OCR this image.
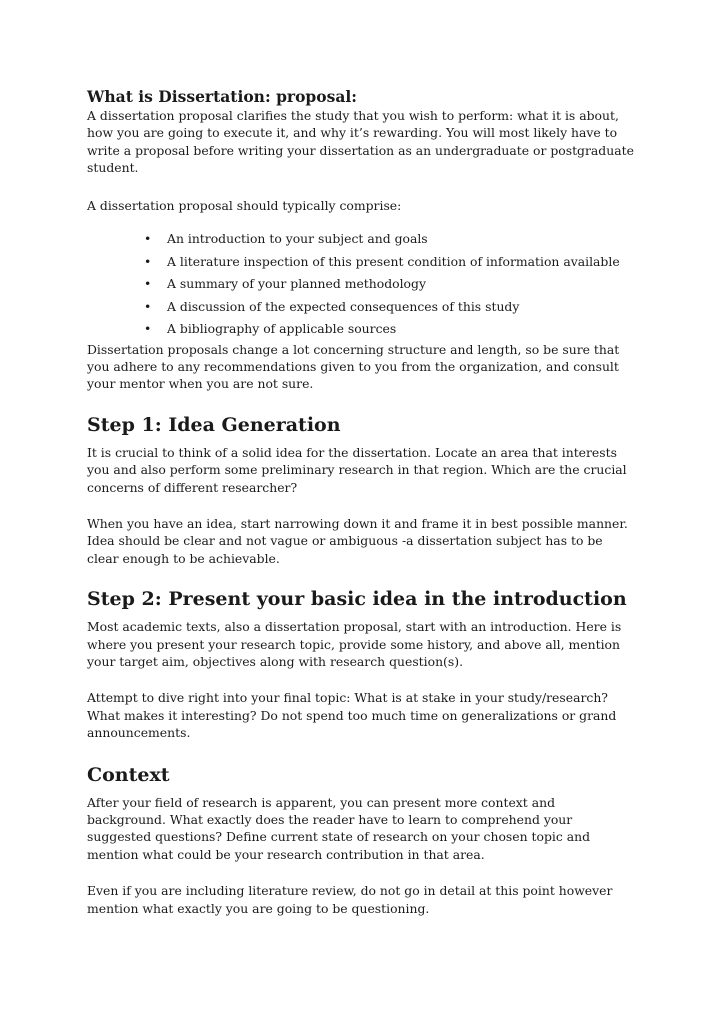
What is Dissertation: proposal:

A dissertation proposal clarifies the study that you wish to perform: what it is about, how you are going to execute it, and why it’s rewarding. You will most likely have to write a proposal before writing your dissertation as an undergraduate or postgraduate student.

A dissertation proposal should typically comprise:

• An introduction to your subject and goals
• A literature inspection of this present condition of information available
• A summary of your planned methodology
• A discussion of the expected consequences of this study
• A bibliography of applicable sources

Dissertation proposals change a lot concerning structure and length, so be sure that you adhere to any recommendations given to you from the organization, and consult your mentor when you are not sure.

Step 1: Idea Generation

It is crucial to think of a solid idea for the dissertation. Locate an area that interests you and also perform some preliminary research in that region. Which are the crucial concerns of different researcher?

When you have an idea, start narrowing down it and frame it in best possible manner. Idea should be clear and not vague or ambiguous -a dissertation subject has to be clear enough to be achievable.

Step 2: Present your basic idea in the introduction

Most academic texts, also a dissertation proposal, start with an introduction. Here is where you present your research topic, provide some history, and above all, mention your target aim, objectives along with research question(s).

Attempt to dive right into your final topic: What is at stake in your study/research? What makes it interesting? Do not spend too much time on generalizations or grand announcements.

Context

After your field of research is apparent, you can present more context and background. What exactly does the reader have to learn to comprehend your suggested questions? Define current state of research on your chosen topic and mention what could be your research contribution in that area.

Even if you are including literature review, do not go in detail at this point however mention what exactly you are going to be questioning.
